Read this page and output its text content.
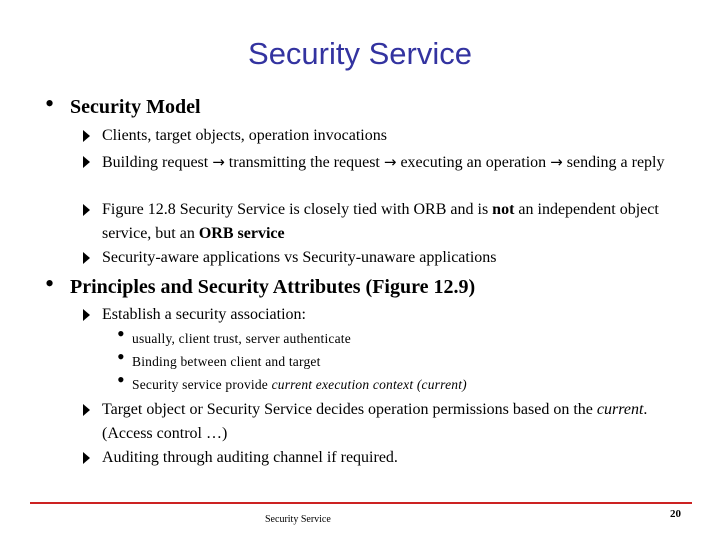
Security Service
• Security Model
Clients, target objects, operation invocations
Building request → transmitting the request → executing an operation → sending a reply
Figure 12.8 Security Service is closely tied with ORB and is not an independent object service, but an ORB service
Security-aware applications vs Security-unaware applications
• Principles and Security Attributes (Figure 12.9)
Establish a security association:
• usually, client trust, server authenticate
• Binding between client and target
• Security service provide current execution context (current)
Target object or Security Service decides operation permissions based on the current. (Access control …)
Auditing through auditing channel if required.
Security Service	20
